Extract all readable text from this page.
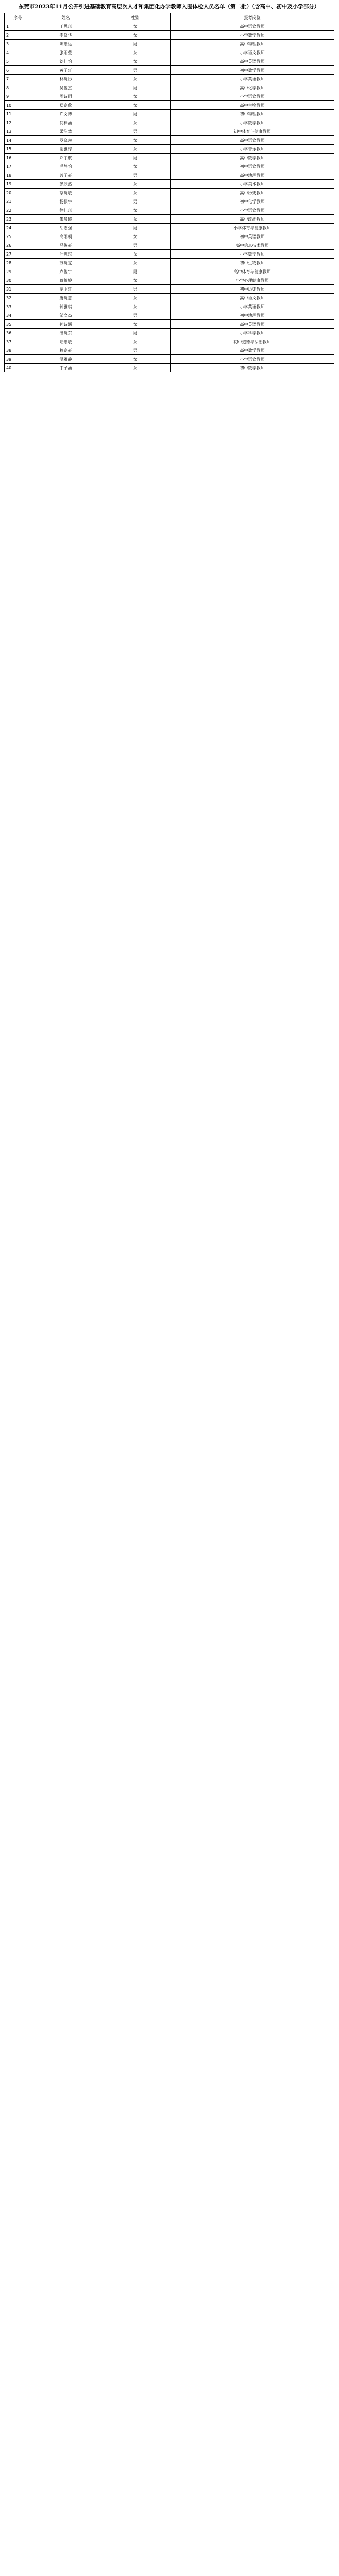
东莞市2023年11月公开引进基础教育高层次人才和集团化办学教师入围体检人员名单（第二批）（含高中、初中及小学部分）
序号	姓名	性别	报考岗位
1	王思琪	女	高中语文教师
2	李晓华	女	小学数学教师
3	陈思远	男	高中物理教师
4	张雨萱	女	小学语文教师
5	刘佳怡	女	高中英语教师
6	黄子轩	男	初中数学教师
7	林晓彤	女	小学英语教师
8	吴俊杰	男	高中化学教师
9	周诗雨	女	小学语文教师
10	郑嘉欣	女	高中生物教师
11	许文博	男	初中物理教师
12	何梓涵	女	小学数学教师
13	梁浩然	男	初中体育与健康教师
14	罗晓琳	女	高中语文教师
15	谢雅婷	女	小学音乐教师
16	邓宇航	男	高中数学教师
17	冯静怡	女	初中语文教师
18	曾子豪	男	高中地理教师
19	彭欣然	女	小学美术教师
20	蔡晓敏	女	高中历史教师
21	杨振宇	男	初中化学教师
22	徐佳琪	女	小学语文教师
23	朱晨曦	女	高中政治教师
24	胡志强	男	小学体育与健康教师
25	高雨桐	女	初中英语教师
26	马俊豪	男	高中信息技术教师
27	叶思琪	女	小学数学教师
28	苏晓雯	女	初中生物教师
29	卢俊宇	男	高中体育与健康教师
30	蒋婉婷	女	小学心理健康教师
31	范明轩	男	初中历史教师
32	唐晓慧	女	高中语文教师
33	钟雅琪	女	小学英语教师
34	邹文杰	男	初中地理教师
35	孙诗涵	女	高中英语教师
36	潘晓东	男	小学科学教师
37	陆思敏	女	初中道德与法治教师
38	赖嘉豪	男	高中数学教师
39	温雅静	女	小学语文教师
40	丁子涵	女	初中数学教师
